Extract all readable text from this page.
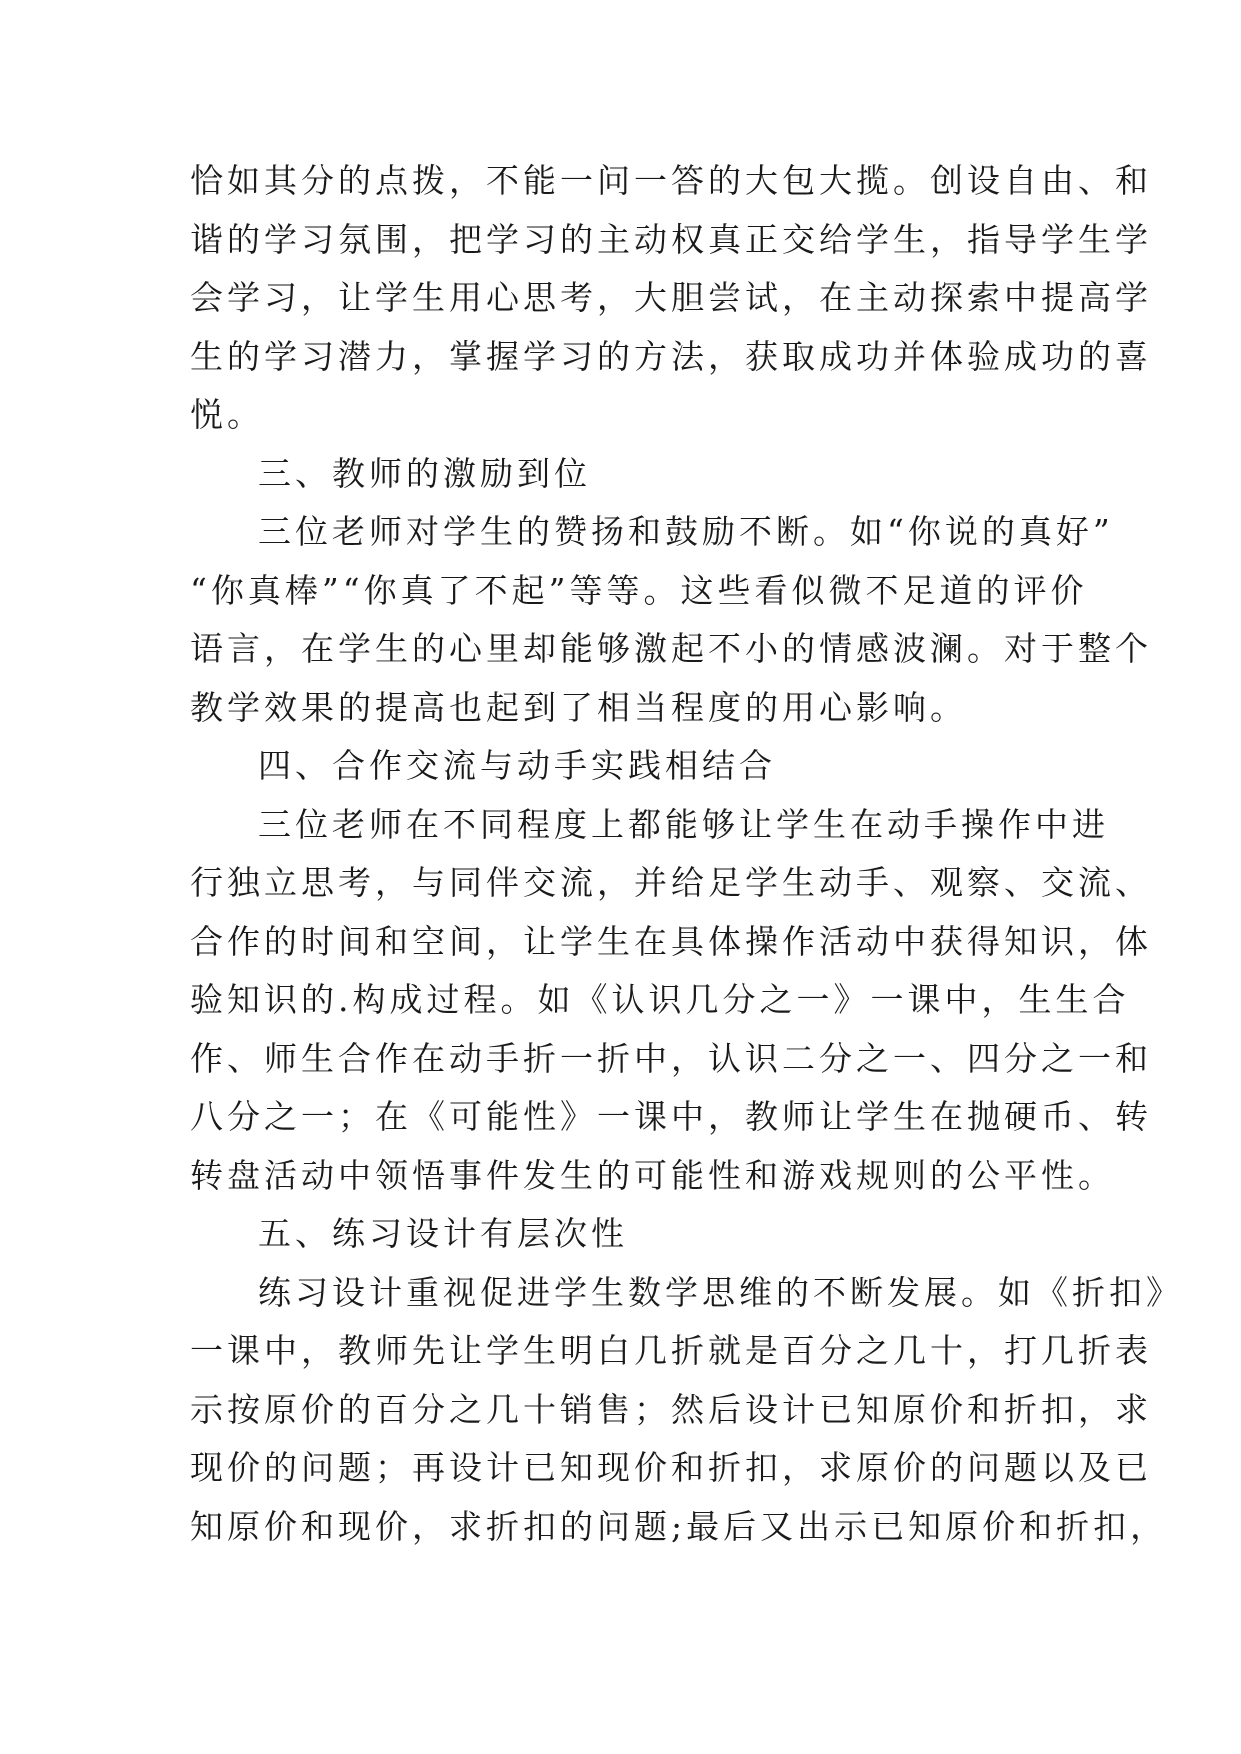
恰如其分的点拨，不能一问一答的大包大揽。创设自由、和
谐的学习氛围，把学习的主动权真正交给学生，指导学生学
会学习，让学生用心思考，大胆尝试，在主动探索中提高学
生的学习潜力，掌握学习的方法，获取成功并体验成功的喜
悦。
三、教师的激励到位
三位老师对学生的赞扬和鼓励不断。如“你说的真好”
“你真棒”“你真了不起”等等。这些看似微不足道的评价
语言，在学生的心里却能够激起不小的情感波澜。对于整个
教学效果的提高也起到了相当程度的用心影响。
四、合作交流与动手实践相结合
三位老师在不同程度上都能够让学生在动手操作中进
行独立思考，与同伴交流，并给足学生动手、观察、交流、
合作的时间和空间，让学生在具体操作活动中获得知识，体
验知识的.构成过程。如《认识几分之一》一课中，生生合
作、师生合作在动手折一折中，认识二分之一、四分之一和
八分之一；在《可能性》一课中，教师让学生在抛硬币、转
转盘活动中领悟事件发生的可能性和游戏规则的公平性。
五、练习设计有层次性
练习设计重视促进学生数学思维的不断发展。如《折扣》
一课中，教师先让学生明白几折就是百分之几十，打几折表
示按原价的百分之几十销售；然后设计已知原价和折扣，求
现价的问题；再设计已知现价和折扣，求原价的问题以及已
知原价和现价，求折扣的问题;最后又出示已知原价和折扣，
